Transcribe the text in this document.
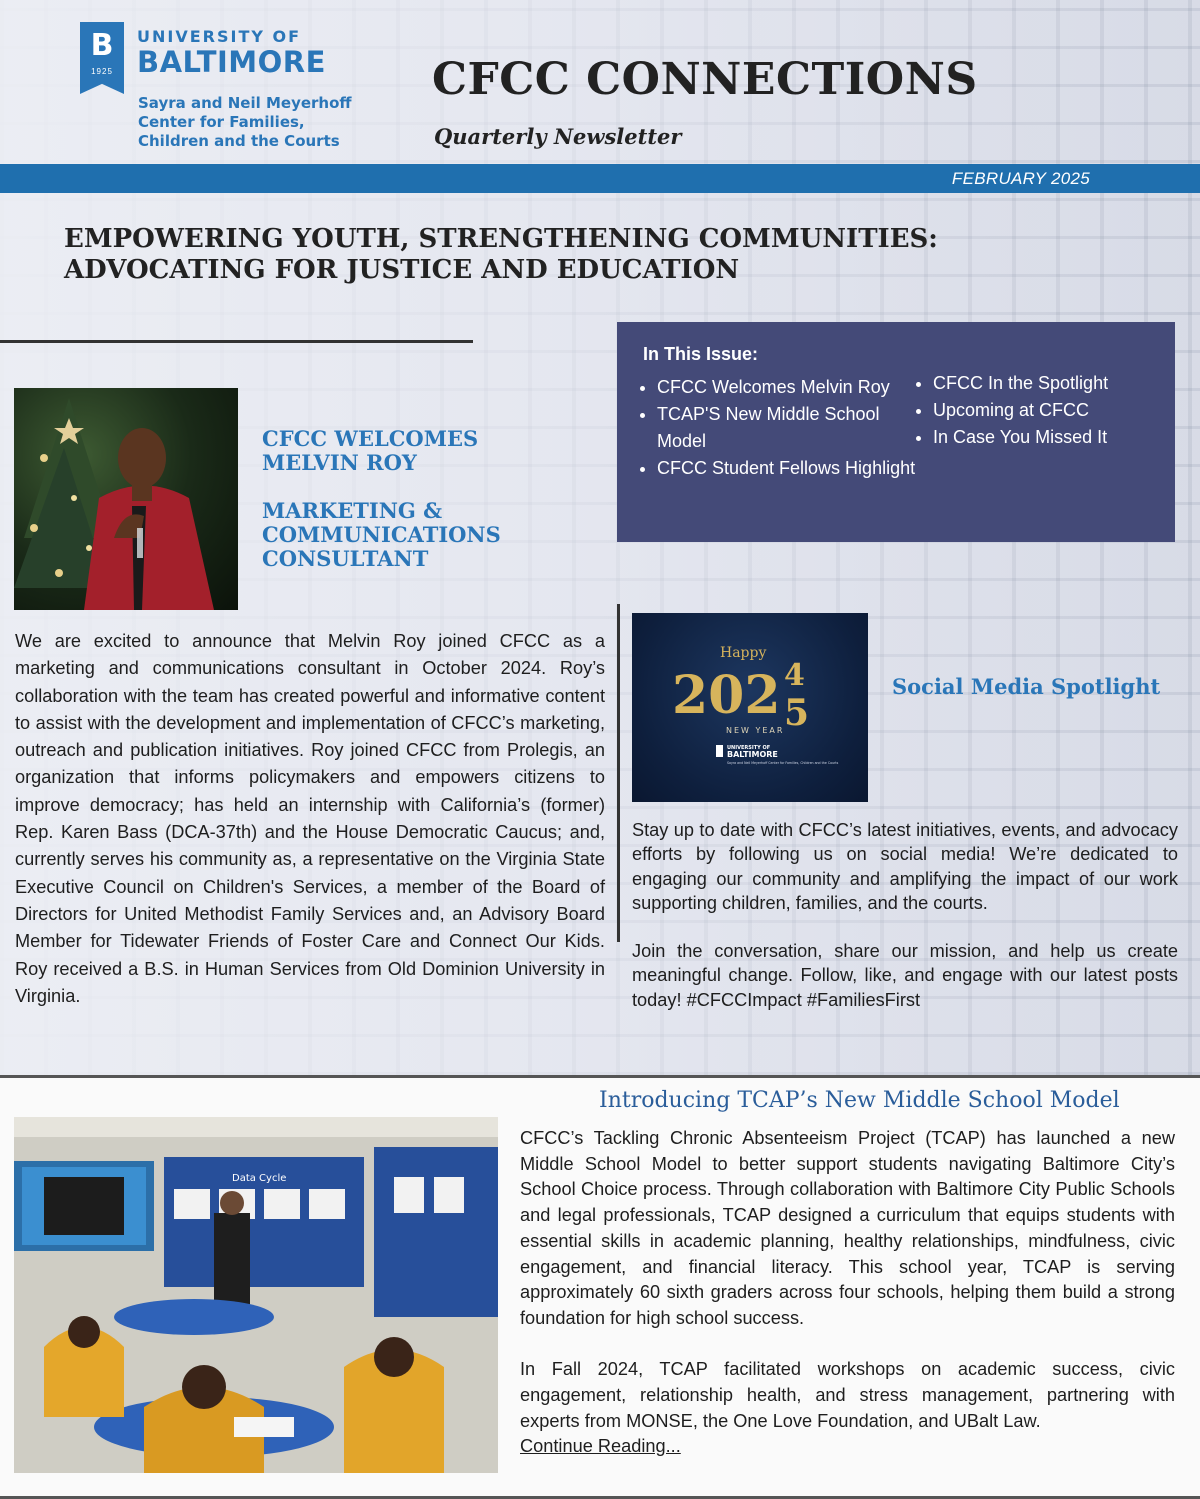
B
1925
UNIVERSITY OF
BALTIMORE
Sayra and Neil Meyerhoff
Center for Families,
Children and the Courts
CFCC CONNECTIONS
Quarterly Newsletter
FEBRUARY 2025
EMPOWERING YOUTH, STRENGTHENING COMMUNITIES:
ADVOCATING FOR JUSTICE AND EDUCATION
In This Issue:
• CFCC Welcomes Melvin Roy
• TCAP'S New Middle School Model
• CFCC Student Fellows Highlight
• CFCC In the Spotlight
• Upcoming at CFCC
• In Case You Missed It
CFCC WELCOMES
MELVIN ROY
MARKETING &
COMMUNICATIONS
CONSULTANT
We are excited to announce that Melvin Roy joined CFCC as a marketing and communications consultant in October 2024. Roy’s collaboration with the team has created powerful and informative content to assist with the development and implementation of CFCC’s marketing, outreach and publication initiatives. Roy joined CFCC from Prolegis, an organization that informs policymakers and empowers citizens to improve democracy; has held an internship with California’s (former) Rep. Karen Bass (DCA-37th) and the House Democratic Caucus; and, currently serves his community as, a representative on the Virginia State Executive Council on Children's Services, a member of the Board of Directors for United Methodist Family Services and, an Advisory Board Member for Tidewater Friends of Foster Care and Connect Our Kids. Roy received a B.S. in Human Services from Old Dominion University in Virginia.
Happy
202 4
5
NEW YEAR
UNIVERSITY OF
BALTIMORE
Sayra and Neil Meyerhoff Center for Families, Children and the Courts
Social Media Spotlight

Stay up to date with CFCC’s latest initiatives, events, and advocacy efforts by following us on social media! We’re dedicated to engaging our community and amplifying the impact of our work supporting children, families, and the courts.

Join the conversation, share our mission, and help us create meaningful change. Follow, like, and engage with our latest posts today! #CFCCImpact #FamiliesFirst

Introducing TCAP’s New Middle School Model
Data Cycle

CFCC’s Tackling Chronic Absenteeism Project (TCAP) has launched a new Middle School Model to better support students navigating Baltimore City’s School Choice process. Through collaboration with Baltimore City Public Schools and legal professionals, TCAP designed a curriculum that equips students with essential skills in academic planning, healthy relationships, mindfulness, civic engagement, and financial literacy. This school year, TCAP is serving approximately 60 sixth graders across four schools, helping them build a strong foundation for high school success.

In Fall 2024, TCAP facilitated workshops on academic success, civic engagement, relationship health, and stress management, partnering with experts from MONSE, the One Love Foundation, and UBalt Law.
Continue Reading...
